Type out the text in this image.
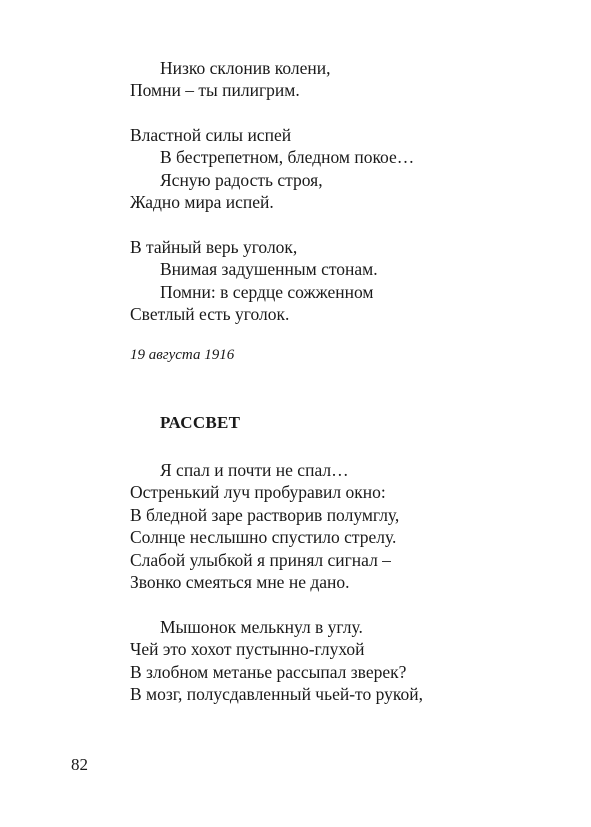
Низко склонив колени,
Помни – ты пилигрим.
Властной силы испей
В бестрепетном, бледном покое…
Ясную радость строя,
Жадно мира испей.
В тайный верь уголок,
Внимая задушенным стонам.
Помни: в сердце сожженном
Светлый есть уголок.
19 августа 1916
РАССВЕТ
Я спал и почти не спал…
Остренький луч пробуравил окно:
В бледной заре растворив полумглу,
Солнце неслышно спустило стрелу.
Слабой улыбкой я принял сигнал –
Звонко смеяться мне не дано.
Мышонок мелькнул в углу.
Чей это хохот пустынно-глухой
В злобном метанье рассыпал зверек?
В мозг, полусдавленный чьей-то рукой,
82
